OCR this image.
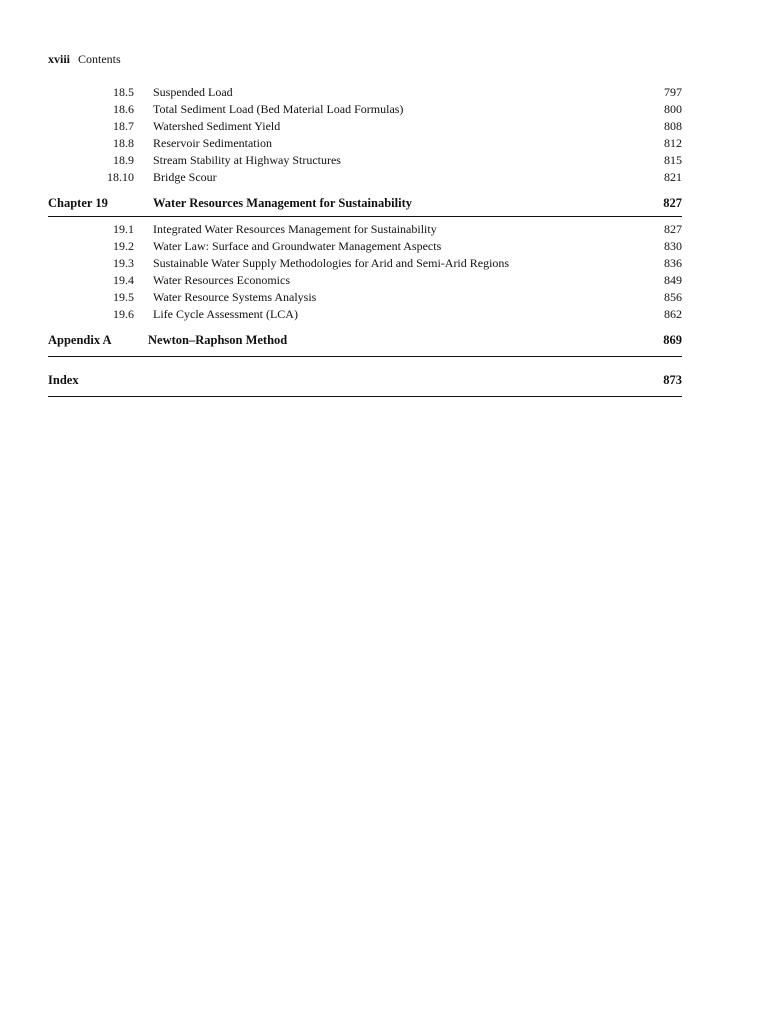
xviii Contents
18.5 Suspended Load	797
18.6 Total Sediment Load (Bed Material Load Formulas)	800
18.7 Watershed Sediment Yield	808
18.8 Reservoir Sedimentation	812
18.9 Stream Stability at Highway Structures	815
18.10 Bridge Scour	821
Chapter 19	Water Resources Management for Sustainability	827
19.1 Integrated Water Resources Management for Sustainability	827
19.2 Water Law: Surface and Groundwater Management Aspects	830
19.3 Sustainable Water Supply Methodologies for Arid and Semi-Arid Regions	836
19.4 Water Resources Economics	849
19.5 Water Resource Systems Analysis	856
19.6 Life Cycle Assessment (LCA)	862
Appendix A	Newton–Raphson Method	869
Index	873
